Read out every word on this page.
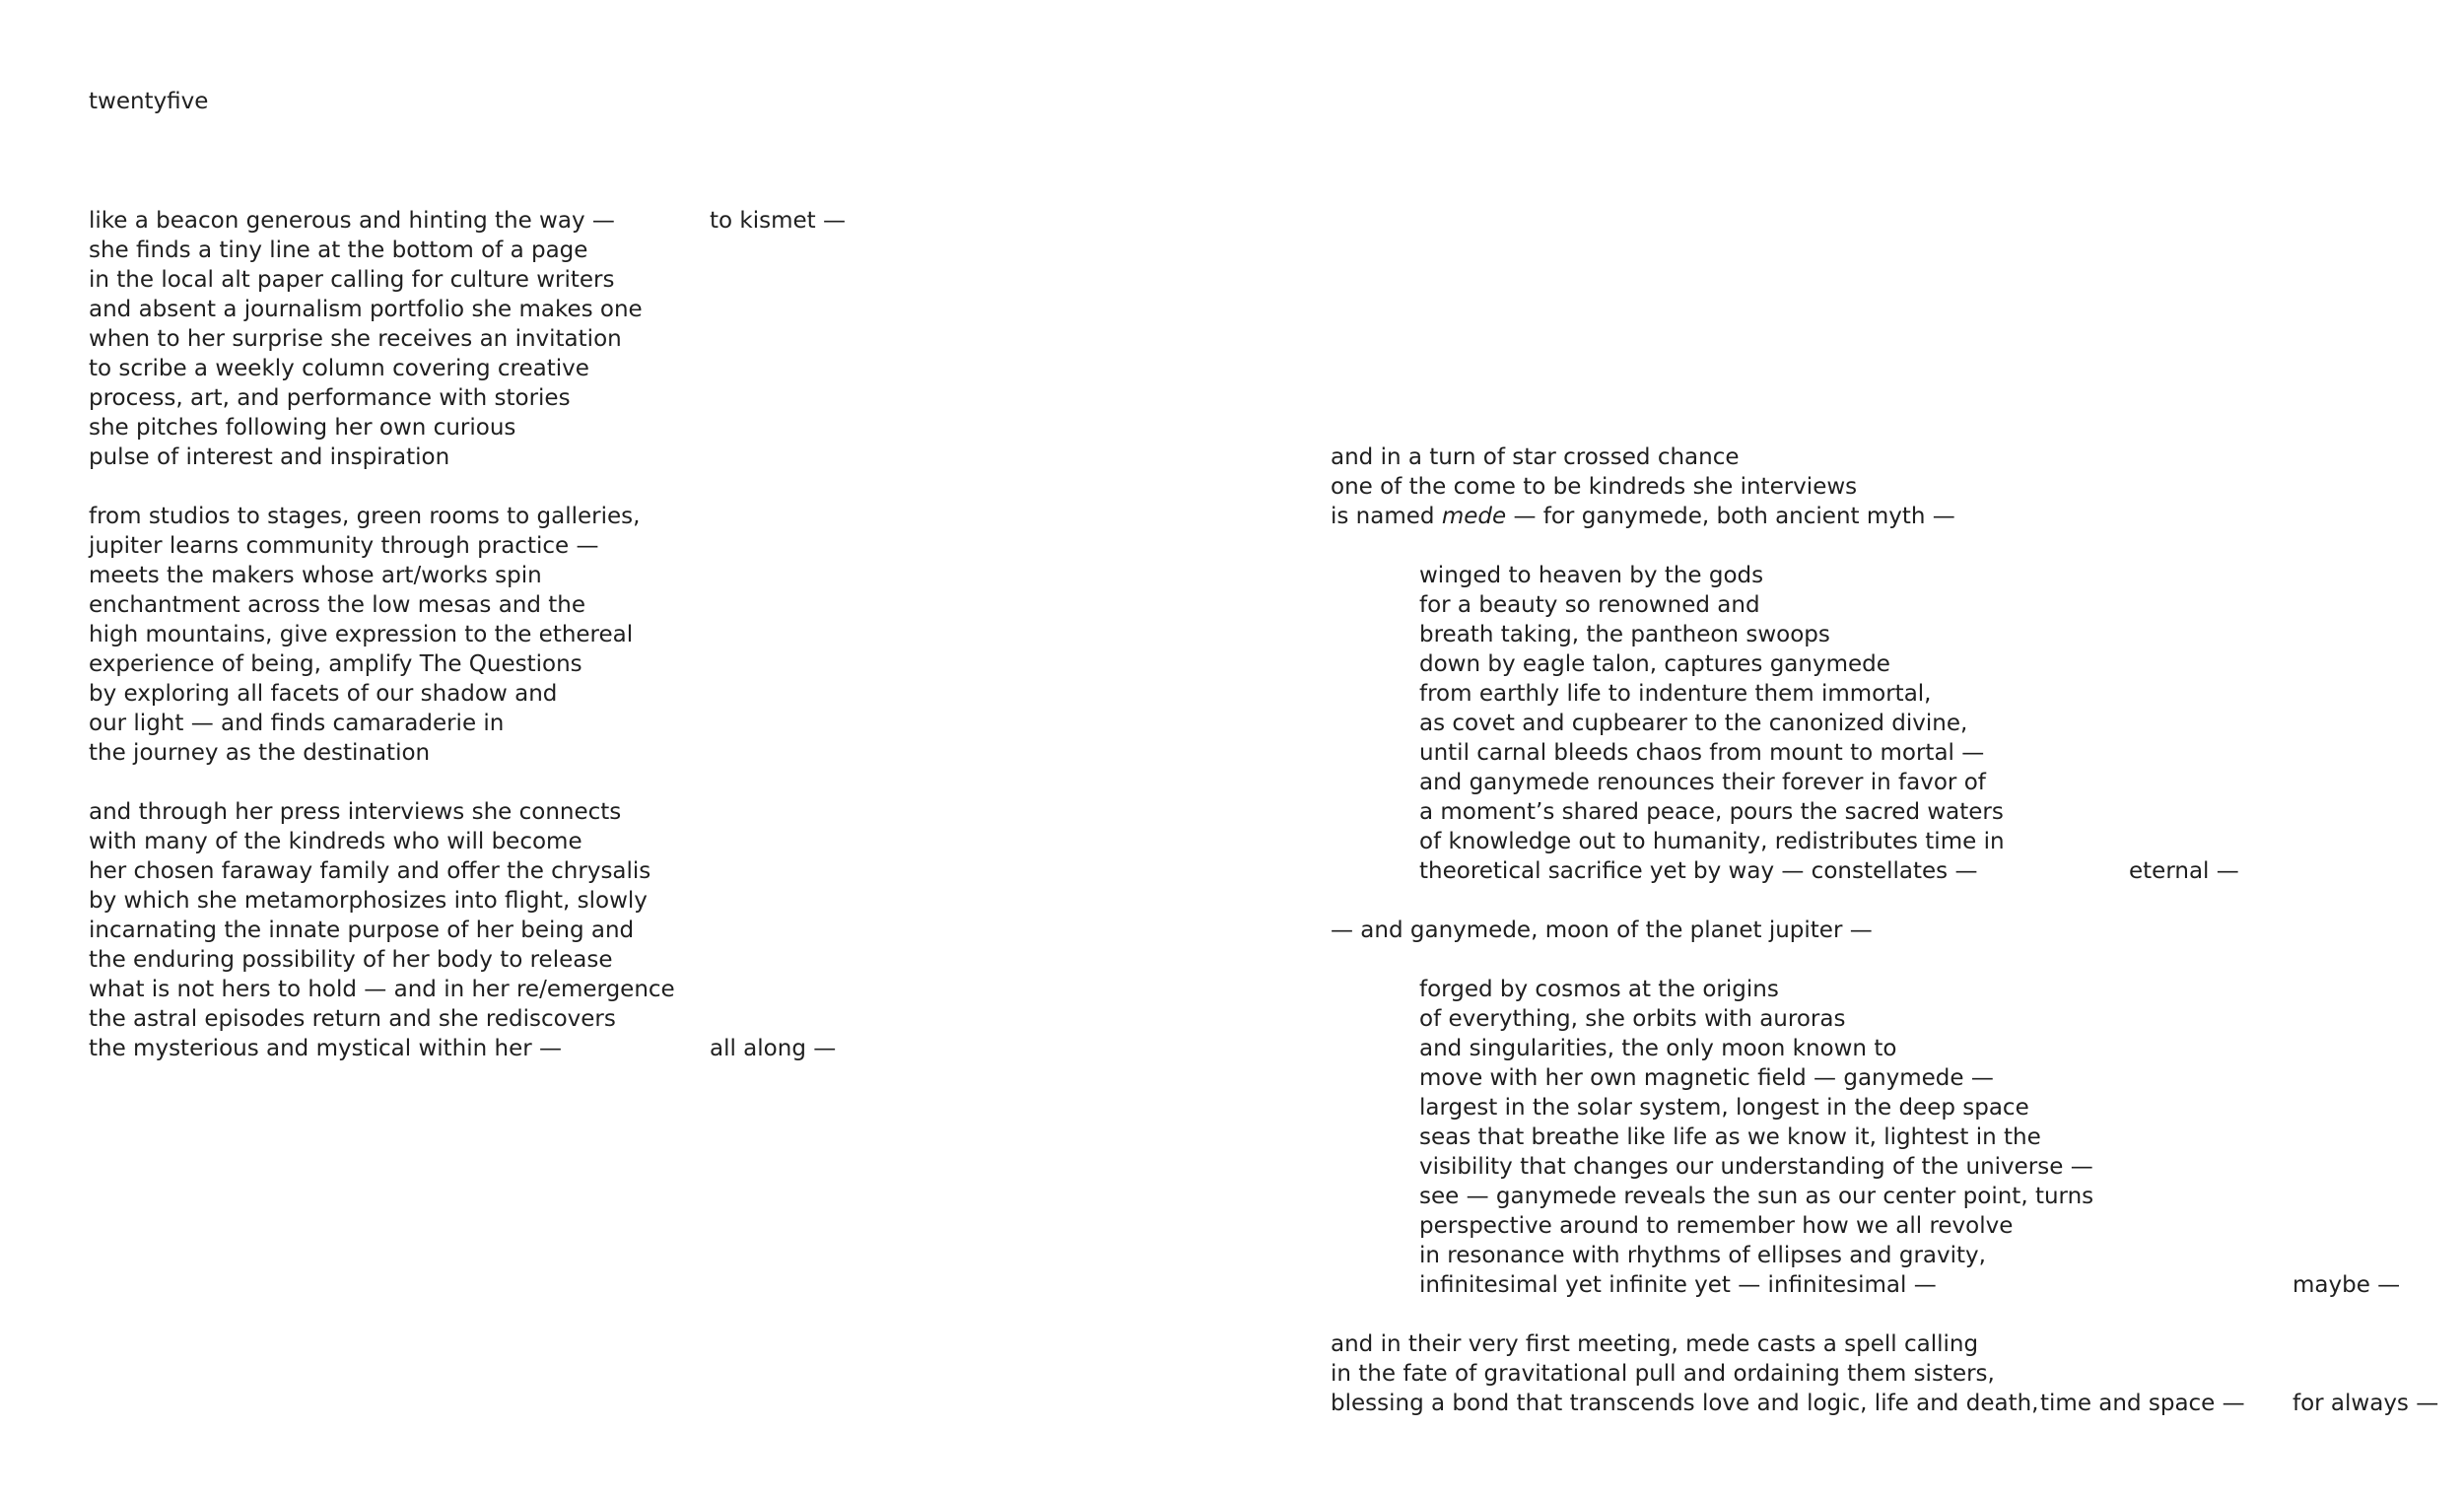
twentyfive
like a beacon generous and hinting the way —
she finds a tiny line at the bottom of a page
in the local alt paper calling for culture writers
and absent a journalism portfolio she makes one
when to her surprise she receives an invitation
to scribe a weekly column covering creative
process, art, and performance with stories
she pitches following her own curious
pulse of interest and inspiration
from studios to stages, green rooms to galleries,
jupiter learns community through practice —
meets the makers whose art/works spin
enchantment across the low mesas and the
high mountains, give expression to the ethereal
experience of being, amplify The Questions
by exploring all facets of our shadow and
our light — and finds camaraderie in
the journey as the destination
and through her press interviews she connects
with many of the kindreds who will become
her chosen faraway family and offer the chrysalis
by which she metamorphosizes into flight, slowly
incarnating the innate purpose of her being and
the enduring possibility of her body to release
what is not hers to hold — and in her re/emergence
the astral episodes return and she rediscovers
the mysterious and mystical within her —
to kismet —
all along —
and in a turn of star crossed chance
one of the come to be kindreds she interviews
is named mede — for ganymede, both ancient myth —
winged to heaven by the gods
for a beauty so renowned and
breath taking, the pantheon swoops
down by eagle talon, captures ganymede
from earthly life to indenture them immortal,
as covet and cupbearer to the canonized divine,
until carnal bleeds chaos from mount to mortal —
and ganymede renounces their forever in favor of
a moment’s shared peace, pours the sacred waters
of knowledge out to humanity, redistributes time in
theoretical sacrifice yet by way — constellates —
— and ganymede, moon of the planet jupiter —
forged by cosmos at the origins
of everything, she orbits with auroras
and singularities, the only moon known to
move with her own magnetic field — ganymede —
largest in the solar system, longest in the deep space
seas that breathe like life as we know it, lightest in the
visibility that changes our understanding of the universe —
see — ganymede reveals the sun as our center point, turns
perspective around to remember how we all revolve
in resonance with rhythms of ellipses and gravity,
infinitesimal yet infinite yet — infinitesimal —
and in their very first meeting, mede casts a spell calling
in the fate of gravitational pull and ordaining them sisters,
blessing a bond that transcends love and logic, life and death,
eternal —
maybe —
time and space — for always —
